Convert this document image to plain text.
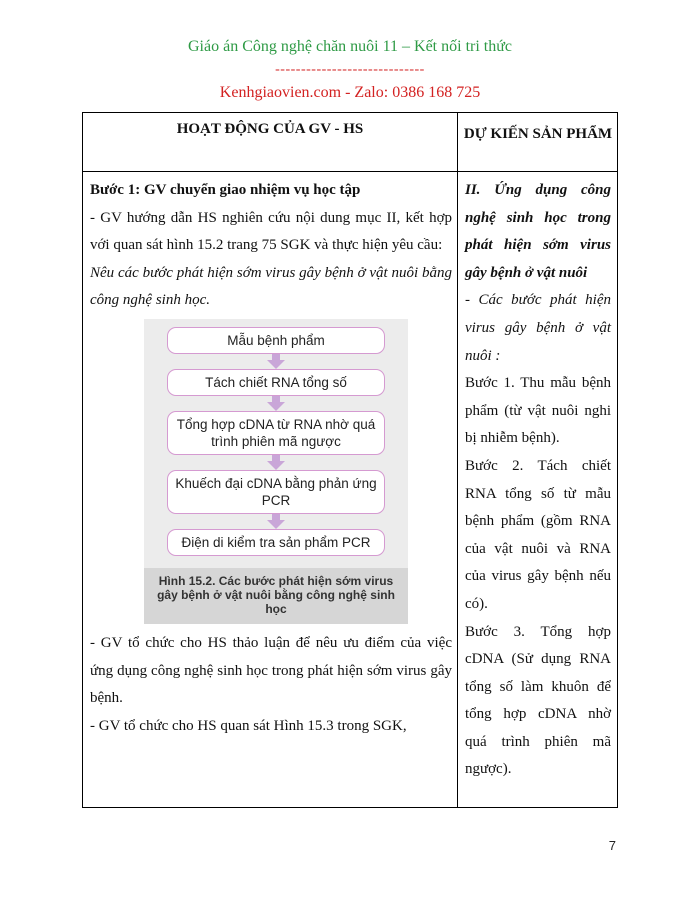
Giáo án Công nghệ chăn nuôi 11 – Kết nối tri thức
-----------------------------
Kenhgiaovien.com - Zalo: 0386 168 725
HOẠT ĐỘNG CỦA GV - HS	DỰ KIẾN SẢN PHẨM

Bước 1: GV chuyển giao nhiệm vụ học tập

- GV hướng dẫn HS nghiên cứu nội dung mục II, kết hợp với quan sát hình 15.2 trang 75 SGK và thực hiện yêu cầu:

Nêu các bước phát hiện sớm virus gây bệnh ở vật nuôi bằng công nghệ sinh học.

Mẫu bệnh phẩm
Tách chiết RNA tổng số
Tổng hợp cDNA từ RNA nhờ quá trình phiên mã ngược
Khuếch đại cDNA bằng phản ứng PCR
Điện di kiểm tra sản phẩm PCR
Hình 15.2. Các bước phát hiện sớm virus gây bệnh ở vật nuôi bằng công nghệ sinh học

- GV tổ chức cho HS thảo luận để nêu ưu điểm của việc ứng dụng công nghệ sinh học trong phát hiện sớm virus gây bệnh.

- GV tổ chức cho HS quan sát Hình 15.3 trong SGK,

II. Ứng dụng công nghệ sinh học trong phát hiện sớm virus gây bệnh ở vật nuôi

- Các bước phát hiện virus gây bệnh ở vật nuôi :

Bước 1. Thu mẫu bệnh phẩm (từ vật nuôi nghi bị nhiễm bệnh).

Bước 2. Tách chiết RNA tổng số từ mẫu bệnh phẩm (gồm RNA của vật nuôi và RNA của virus gây bệnh nếu có).

Bước 3. Tổng hợp cDNA (Sử dụng RNA tổng số làm khuôn để tổng hợp cDNA nhờ quá trình phiên mã ngược).

7
